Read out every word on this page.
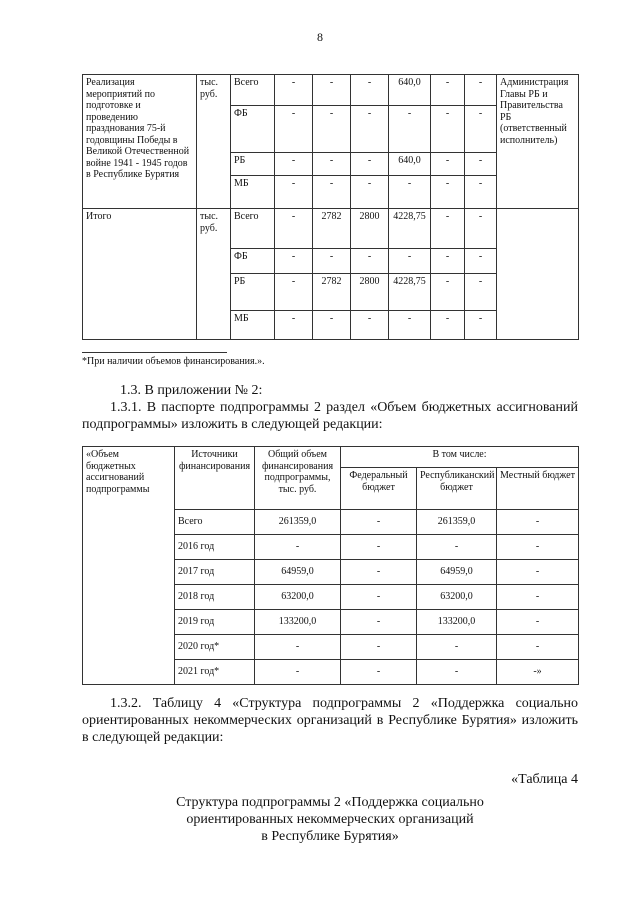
8
Реализация мероприятий по подготовке и проведению празднования 75-й годовщины Победы в Великой Отечественной войне 1941 - 1945 годов в Республике Бурятия	тыс. руб.	Всего	-	-	-	640,0	-	-	Администрация Главы РБ и Правительства РБ (ответственный исполнитель)
		ФБ	-	-	-	-	-	-	
		РБ	-	-	-	640,0	-	-	
		МБ	-	-	-	-	-	-	
Итого	тыс. руб.	Всего	-	2782	2800	4228,75	-	-	
		ФБ	-	-	-	-	-	-	
		РБ	-	2782	2800	4228,75	-	-	
		МБ	-	-	-	-	-	-	
*При наличии объемов финансирования.».
1.3. В приложении № 2:
1.3.1. В паспорте подпрограммы 2 раздел «Объем бюджетных ассигнований подпрограммы» изложить в следующей редакции:
«Объем бюджетных ассигнований подпрограммы	Источники финансирования	Общий объем финансирования подпрограммы, тыс. руб.	В том числе:		
			Федеральный бюджет	Республиканский бюджет	Местный бюджет
	Всего	261359,0	-	261359,0	-
	2016 год	-	-	-	-
	2017 год	64959,0	-	64959,0	-
	2018 год	63200,0	-	63200,0	-
	2019 год	133200,0	-	133200,0	-
	2020 год*	-	-	-	-
	2021 год*	-	-	-	-»
1.3.2. Таблицу 4 «Структура подпрограммы 2 «Поддержка социально ориентированных некоммерческих организаций в Республике Бурятия» изложить в следующей редакции:
«Таблица 4
Структура подпрограммы 2 «Поддержка социально
ориентированных некоммерческих организаций
в Республике Бурятия»
